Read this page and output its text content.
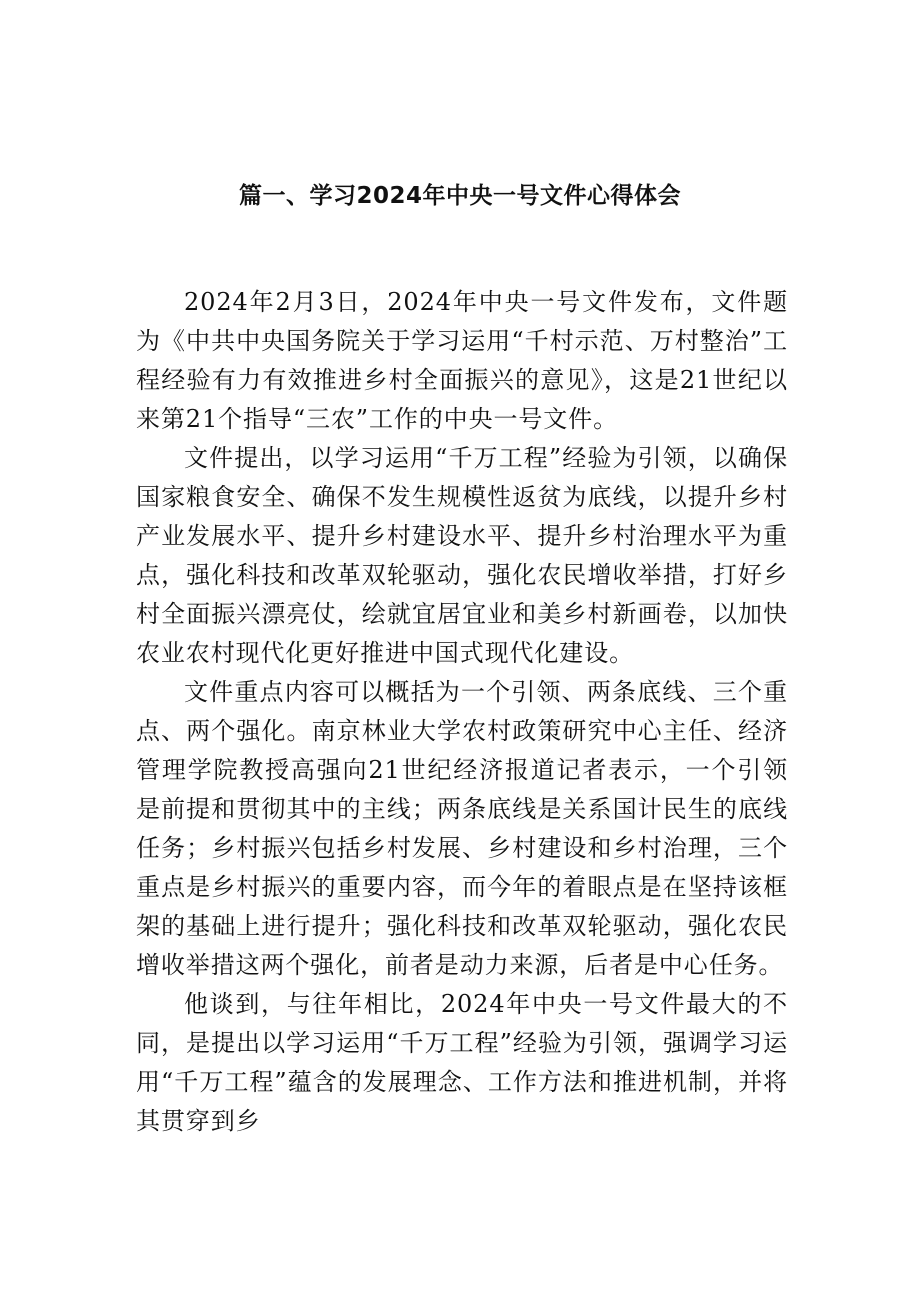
篇一、学习2024年中央一号文件心得体会

2024年2月3日，2024年中央一号文件发布，文件题为《中共中央国务院关于学习运用“千村示范、万村整治”工程经验有力有效推进乡村全面振兴的意见》，这是21世纪以来第21个指导“三农”工作的中央一号文件。

文件提出，以学习运用“千万工程”经验为引领，以确保国家粮食安全、确保不发生规模性返贫为底线，以提升乡村产业发展水平、提升乡村建设水平、提升乡村治理水平为重点，强化科技和改革双轮驱动，强化农民增收举措，打好乡村全面振兴漂亮仗，绘就宜居宜业和美乡村新画卷，以加快农业农村现代化更好推进中国式现代化建设。

文件重点内容可以概括为一个引领、两条底线、三个重点、两个强化。南京林业大学农村政策研究中心主任、经济管理学院教授高强向21世纪经济报道记者表示，一个引领是前提和贯彻其中的主线；两条底线是关系国计民生的底线任务；乡村振兴包括乡村发展、乡村建设和乡村治理，三个重点是乡村振兴的重要内容，而今年的着眼点是在坚持该框架的基础上进行提升；强化科技和改革双轮驱动，强化农民增收举措这两个强化，前者是动力来源，后者是中心任务。

他谈到，与往年相比，2024年中央一号文件最大的不同，是提出以学习运用“千万工程”经验为引领，强调学习运用“千万工程”蕴含的发展理念、工作方法和推进机制，并将其贯穿到乡
